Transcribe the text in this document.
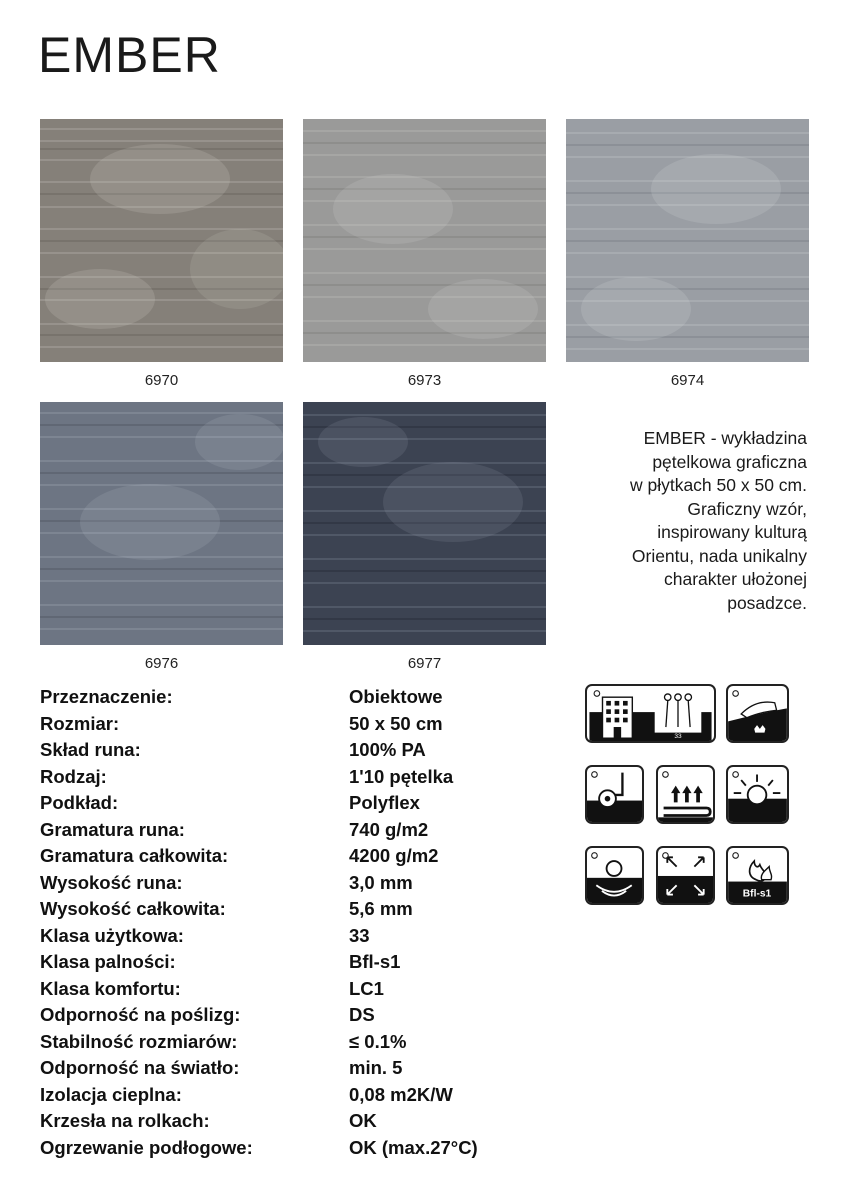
EMBER
6970	6973	6974
6976	6977
EMBER - wykładzina
pętelkowa graficzna
w płytkach 50 x 50 cm.
Graficzny wzór,
inspirowany kulturą
Orientu, nada unikalny
charakter ułożonej
posadzce.
Przeznaczenie:	Obiektowe
Rozmiar:	50 x 50 cm
Skład runa:	100% PA
Rodzaj:	1'10 pętelka
Podkład:	Polyflex
Gramatura runa:	740 g/m2
Gramatura całkowita:	4200 g/m2
Wysokość runa:	3,0 mm
Wysokość całkowita:	5,6 mm
Klasa użytkowa:	33
Klasa palności:	Bfl-s1
Klasa komfortu:	LC1
Odporność na poślizg:	DS
Stabilność rozmiarów:	≤ 0.1%
Odporność na światło:	min. 5
Izolacja cieplna:	0,08 m2K/W
Krzesła na rolkach:	OK
Ogrzewanie podłogowe:	OK (max.27°C)
33
Bfl-s1
